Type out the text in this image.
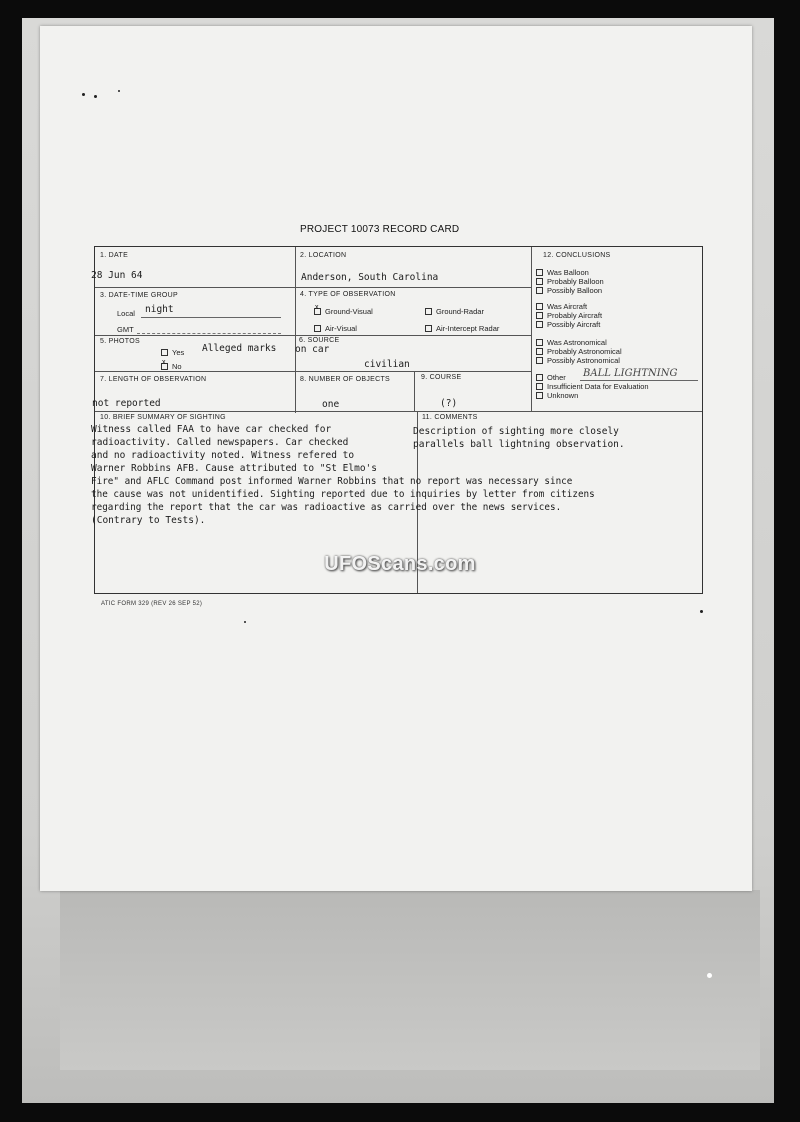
PROJECT 10073 RECORD CARD
1. DATE
28 Jun 64
2. LOCATION
Anderson, South Carolina
3. DATE-TIME GROUP
Local night
GMT
4. TYPE OF OBSERVATION
xGround-Visual	Ground-Radar
Air-Visual	Air-Intercept Radar
5. PHOTOS
Yes
xNo
Alleged marks
6. SOURCE
on car
civilian
7. LENGTH OF OBSERVATION
not reported
8. NUMBER OF OBJECTS
one
9. COURSE
(?)
12. CONCLUSIONS
Was Balloon
Probably Balloon
Possibly Balloon
Was Aircraft
Probably Aircraft
Possibly Aircraft
Was Astronomical
Probably Astronomical
Possibly Astronomical
Other BALL LIGHTNING
Insufficient Data for Evaluation
Unknown
10. BRIEF SUMMARY OF SIGHTING
Witness called FAA to have car checked for
radioactivity. Called newspapers. Car checked
and no radioactivity noted. Witness refered to
Warner Robbins AFB. Cause attributed to "St Elmo's
Fire" and AFLC Command post informed Warner Robbins that no report was necessary since
the cause was not unidentified. Sighting reported due to inquiries by letter from citizens
regarding the report that the car was radioactive as carried over the news services.
(Contrary to Tests).
11. COMMENTS
Description of sighting more closely
parallels ball lightning observation.
UFOScans.com
ATIC FORM 329 (REV 26 SEP 52)
